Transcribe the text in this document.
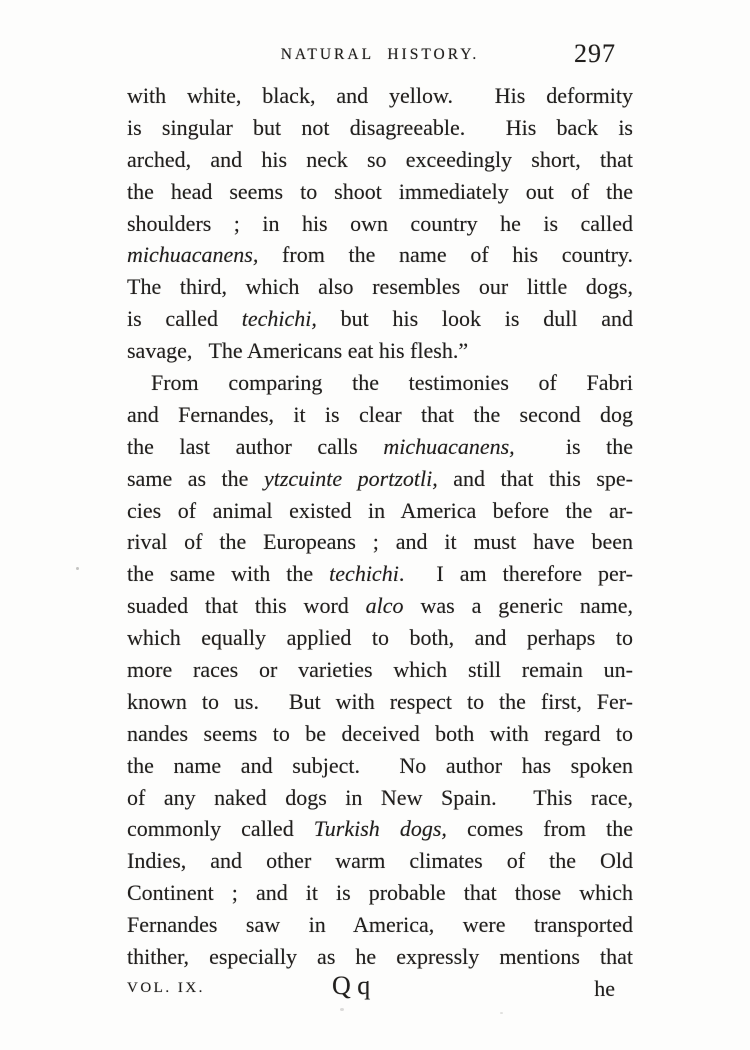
NATURAL HISTORY.	297
with white, black, and yellow.  His deformity
is singular but not disagreeable.  His back is
arched, and his neck so exceedingly short, that
the head seems to shoot immediately out of the
shoulders ; in his own country he is called
michuacanens, from the name of his country.
The third, which also resembles our little dogs,
is called techichi, but his look is dull and
savage,   The Americans eat his flesh.”
From comparing the testimonies of Fabri
and Fernandes, it is clear that the second dog
the last author calls michuacanens,  is the
same as the ytzcuinte portzotli, and that this spe-
cies of animal existed in America before the ar-
rival of the Europeans ; and it must have been
the same with the techichi.  I am therefore per-
suaded that this word alco was a generic name,
which equally applied to both, and perhaps to
more races or varieties which still remain un-
known to us.  But with respect to the first, Fer-
nandes seems to be deceived both with regard to
the name and subject.  No author has spoken
of any naked dogs in New Spain.  This race,
commonly called Turkish dogs, comes from the
Indies, and other warm climates of the Old
Continent ; and it is probable that those which
Fernandes saw in America, were transported
thither, especially as he expressly mentions that
VOL. IX.	Q q	he
